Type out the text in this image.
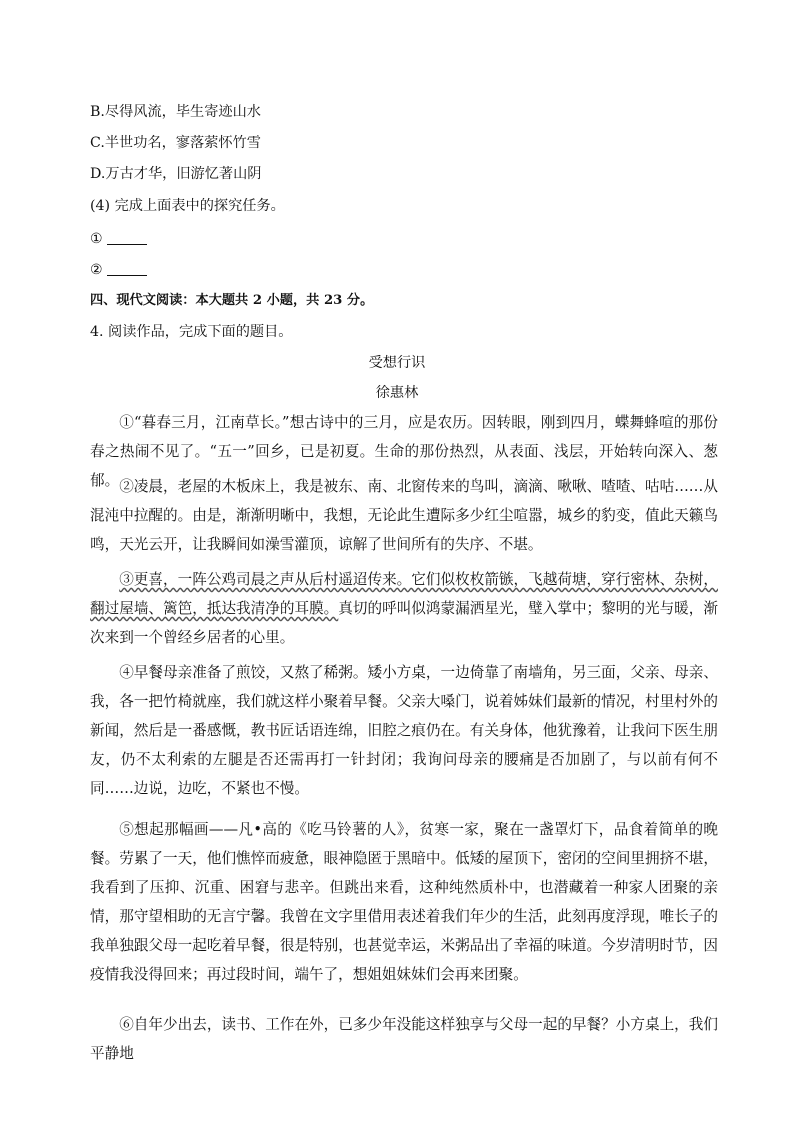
B.尽得风流，毕生寄迹山水
C.半世功名，寥落萦怀竹雪
D.万古才华，旧游忆著山阴
(4) 完成上面表中的探究任务。
①
②
四、现代文阅读：本大题共 2 小题，共 23 分。
4. 阅读作品，完成下面的题目。
受想行识
徐惠林

①“暮春三月，江南草长。”想古诗中的三月，应是农历。因转眼，刚到四月，蝶舞蜂喧的那份春之热闹不见了。“五一”回乡，已是初夏。生命的那份热烈，从表面、浅层，开始转向深入、葱郁。 ②凌晨，老屋的木板床上，我是被东、南、北窗传来的鸟叫，滴滴、啾啾、喳喳、咕咕……从混沌中拉醒的。由是，渐渐明晰中，我想，无论此生遭际多少红尘喧嚣，城乡的豹变，值此天籁鸟鸣，天光云开，让我瞬间如澡雪灌顶，谅解了世间所有的失序、不堪。

③更喜，一阵公鸡司晨之声从后村遥迢传来。它们似枚枚箭镞，飞越荷塘，穿行密林、杂树，翻过屋墙、篱笆，抵达我清净的耳膜。真切的呼叫似鸿蒙漏洒星光，璧入掌中；黎明的光与暖，渐次来到一个曾经乡居者的心里。

④早餐母亲准备了煎饺，又熬了稀粥。矮小方桌，一边倚靠了南墙角，另三面，父亲、母亲、我，各一把竹椅就座，我们就这样小聚着早餐。父亲大嗓门，说着姊妹们最新的情况，村里村外的新闻，然后是一番感慨，教书匠话语连绵，旧腔之痕仍在。有关身体，他犹豫着，让我问下医生朋友，仍不太利索的左腿是否还需再打一针封闭；我询问母亲的腰痛是否加剧了，与以前有何不同……边说，边吃，不紧也不慢。

⑤想起那幅画——凡•高的《吃马铃薯的人》，贫寒一家，聚在一盏罩灯下，品食着简单的晚餐。劳累了一天，他们憔悴而疲惫，眼神隐匿于黑暗中。低矮的屋顶下，密闭的空间里拥挤不堪，我看到了压抑、沉重、困窘与悲辛。但跳出来看，这种纯然质朴中，也潜藏着一种家人团聚的亲情，那守望相助的无言宁馨。我曾在文字里借用表述着我们年少的生活，此刻再度浮现，唯长子的我单独跟父母一起吃着早餐，很是特别，也甚觉幸运，米粥品出了幸福的味道。今岁清明时节，因疫情我没得回来；再过段时间，端午了，想姐姐妹妹们会再来团聚。

⑥自年少出去，读书、工作在外，已多少年没能这样独享与父母一起的早餐？小方桌上，我们平静地
